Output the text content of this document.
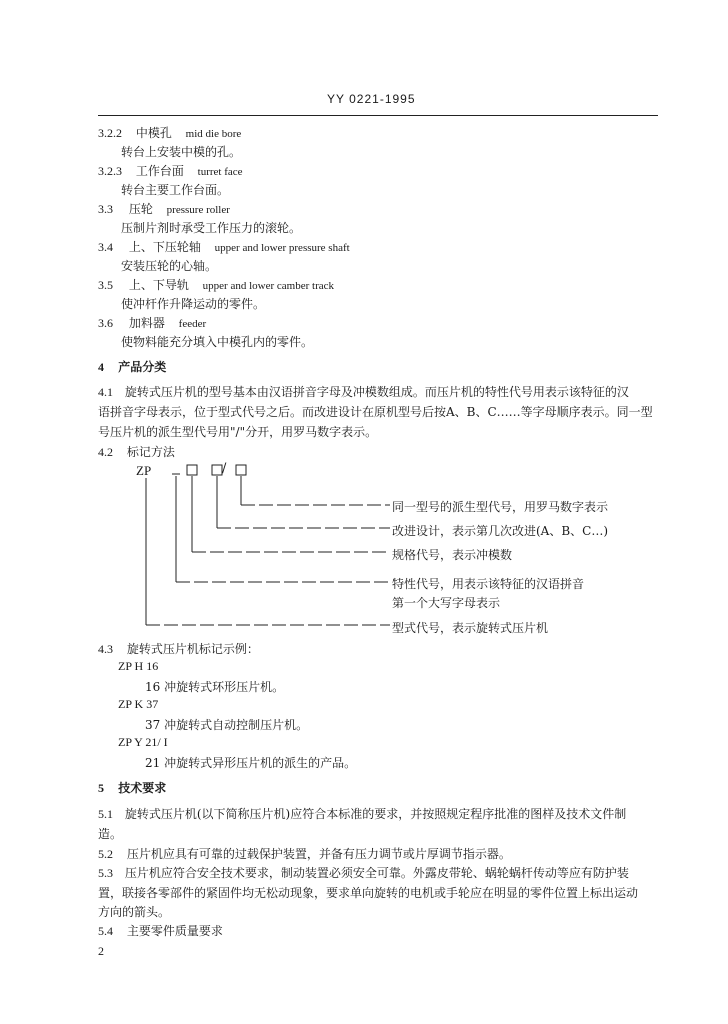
YY 0221-1995
3.2.2 中模孔 mid die bore
转台上安装中模的孔。
3.2.3 工作台面 turret face
转台主要工作台面。
3.3 压轮 pressure roller
压制片剂时承受工作压力的滚轮。
3.4 上、下压轮轴 upper and lower pressure shaft
安装压轮的心轴。
3.5 上、下导轨 upper and lower camber track
使冲杆作升降运动的零件。
3.6 加料器 feeder
使物料能充分填入中模孔内的零件。
4 产品分类
4.1 旋转式压片机的型号基本由汉语拼音字母及冲模数组成。而压片机的特性代号用表示该特征的汉
语拼音字母表示，位于型式代号之后。而改进设计在原机型号后按A、B、C……等字母顺序表示。同一型
号压片机的派生型代号用"/"分开，用罗马数字表示。
4.2 标记方法
ZP	/
同一型号的派生型代号，用罗马数字表示
改进设计，表示第几次改进(A、B、C…)
规格代号，表示冲模数
特性代号，用表示该特征的汉语拼音
第一个大写字母表示
型式代号，表示旋转式压片机
4.3 旋转式压片机标记示例：
ZP H 16
16 冲旋转式环形压片机。
ZP K 37
37 冲旋转式自动控制压片机。
ZP Y 21/ I
21 冲旋转式异形压片机的派生的产品。
5 技术要求
5.1 旋转式压片机(以下简称压片机)应符合本标准的要求，并按照规定程序批准的图样及技术文件制
造。
5.2 压片机应具有可靠的过载保护装置，并备有压力调节或片厚调节指示器。
5.3 压片机应符合安全技术要求，制动装置必须安全可靠。外露皮带轮、蜗轮蜗杆传动等应有防护装
置，联接各零部件的紧固件均无松动现象，要求单向旋转的电机或手轮应在明显的零件位置上标出运动
方向的箭头。
5.4 主要零件质量要求
2
